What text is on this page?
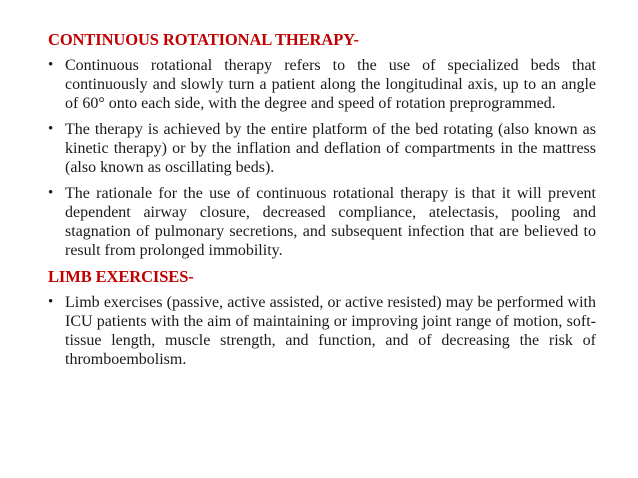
CONTINUOUS ROTATIONAL THERAPY-
• Continuous rotational therapy refers to the use of specialized beds that continuously and slowly turn a patient along the longitudinal axis, up to an angle of 60° onto each side, with the degree and speed of rotation preprogrammed.
• The therapy is achieved by the entire platform of the bed rotating (also known as kinetic therapy) or by the inflation and deflation of compartments in the mattress (also known as oscillating beds).
• The rationale for the use of continuous rotational therapy is that it will prevent dependent airway closure, decreased compliance, atelectasis, pooling and stagnation of pulmonary secretions, and subsequent infection that are believed to result from prolonged immobility.
LIMB EXERCISES-
• Limb exercises (passive, active assisted, or active resisted) may be performed with ICU patients with the aim of maintaining or improving joint range of motion, soft-tissue length, muscle strength, and function, and of decreasing the risk of thromboembolism.
